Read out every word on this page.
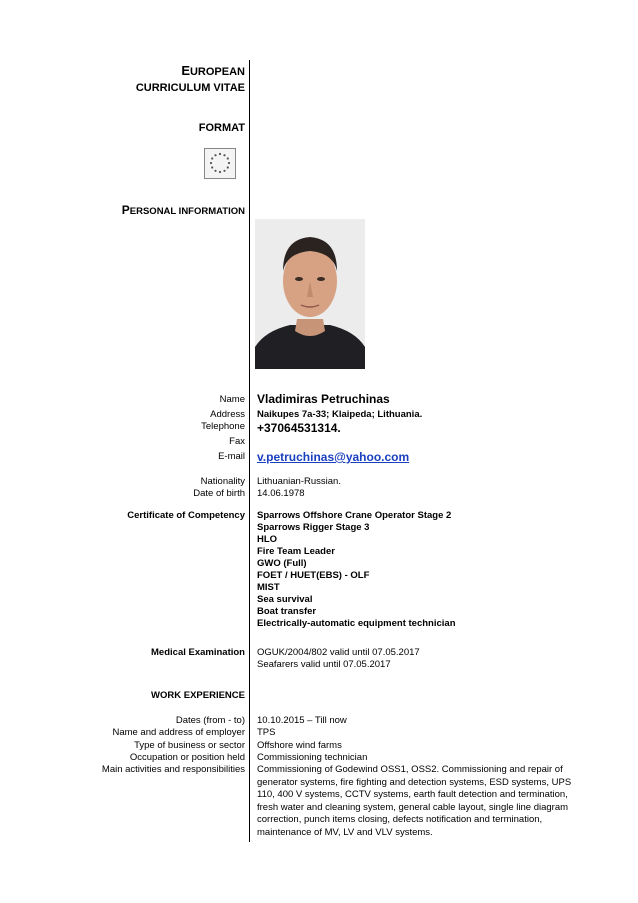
EUROPEAN
CURRICULUM VITAE
FORMAT
PERSONAL INFORMATION
Name Vladimiras Petruchinas
Address Naikupes 7a-33; Klaipeda; Lithuania.
Telephone +37064531314.
Fax
E-mail v.petruchinas@yahoo.com
Nationality Lithuanian-Russian.
Date of birth 14.06.1978
Certificate of Competency Sparrows Offshore Crane Operator Stage 2
Sparrows Rigger Stage 3
HLO
Fire Team Leader
GWO (Full)
FOET / HUET(EBS) - OLF
MIST
Sea survival
Boat transfer
Electrically-automatic equipment technician
Medical Examination OGUK/2004/802 valid until 07.05.2017
Seafarers valid until 07.05.2017
WORK EXPERIENCE
Dates (from - to) 10.10.2015 – Till now
Name and address of employer TPS
Type of business or sector Offshore wind farms
Occupation or position held Commissioning technician
Main activities and responsibilities Commissioning of Godewind OSS1, OSS2. Commissioning and repair of generator systems, fire fighting and detection systems, ESD systems, UPS 110, 400 V systems, CCTV systems, earth fault detection and termination, fresh water and cleaning system, general cable layout, single line diagram correction, punch items closing, defects notification and termination, maintenance of MV, LV and VLV systems.
